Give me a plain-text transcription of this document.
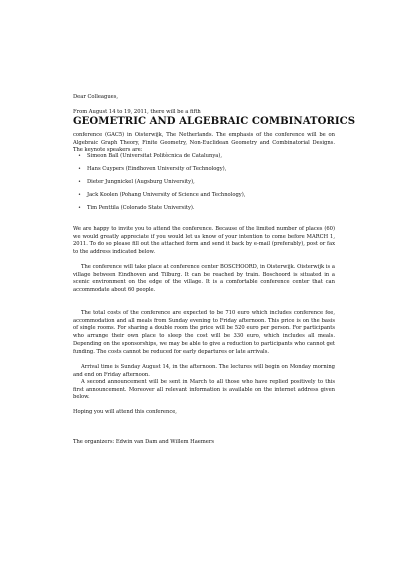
Dear Colleagues,

From August 14 to 19, 2011, there will be a fifth

GEOMETRIC AND ALGEBRAIC COMBINATORICS

conference (GAC5) in Oisterwijk, The Netherlands. The emphasis of the conference will be on Algebraic Graph Theory, Finite Geometry, Non-Euclidean Geometry and Combinatorial Designs. The keynote speakers are:

• Simeon Ball (Universitat Politècnica de Catalunya),
• Hans Cuypers (Eindhoven University of Technology),
• Dieter Jungnickel (Augsburg University),
• Jack Koolen (Pohang University of Science and Technology),
• Tim Penttila (Colorado State University).

We are happy to invite you to attend the conference. Because of the limited number of places (60) we would greatly appreciate if you would let us know of your intention to come before MARCH 1, 2011. To do so please fill out the attached form and send it back by e-mail (preferably), post or fax to the address indicated below.

The conference will take place at conference center BOSCHOORD, in Oisterwijk. Oisterwijk is a village between Eindhoven and Tilburg. It can be reached by train. Boschoord is situated in a scenic environment on the edge of the village. It is a comfortable conference center that can accommodate about 60 people.

The total costs of the conference are expected to be 710 euro which includes conference fee, accommodation and all meals from Sunday evening to Friday afternoon. This price is on the basis of single rooms. For sharing a double room the price will be 520 euro per person. For participants who arrange their own place to sleep the cost will be 330 euro, which includes all meals. Depending on the sponsorships, we may be able to give a reduction to participants who cannot get funding. The costs cannot be reduced for early departures or late arrivals.

Arrival time is Sunday August 14, in the afternoon. The lectures will begin on Monday morning and end on Friday afternoon.

A second announcement will be sent in March to all those who have replied positively to this first announcement. Moreover all relevant information is available on the internet address given below.

Hoping you will attend this conference,

The organizers: Edwin van Dam and Willem Haemers
